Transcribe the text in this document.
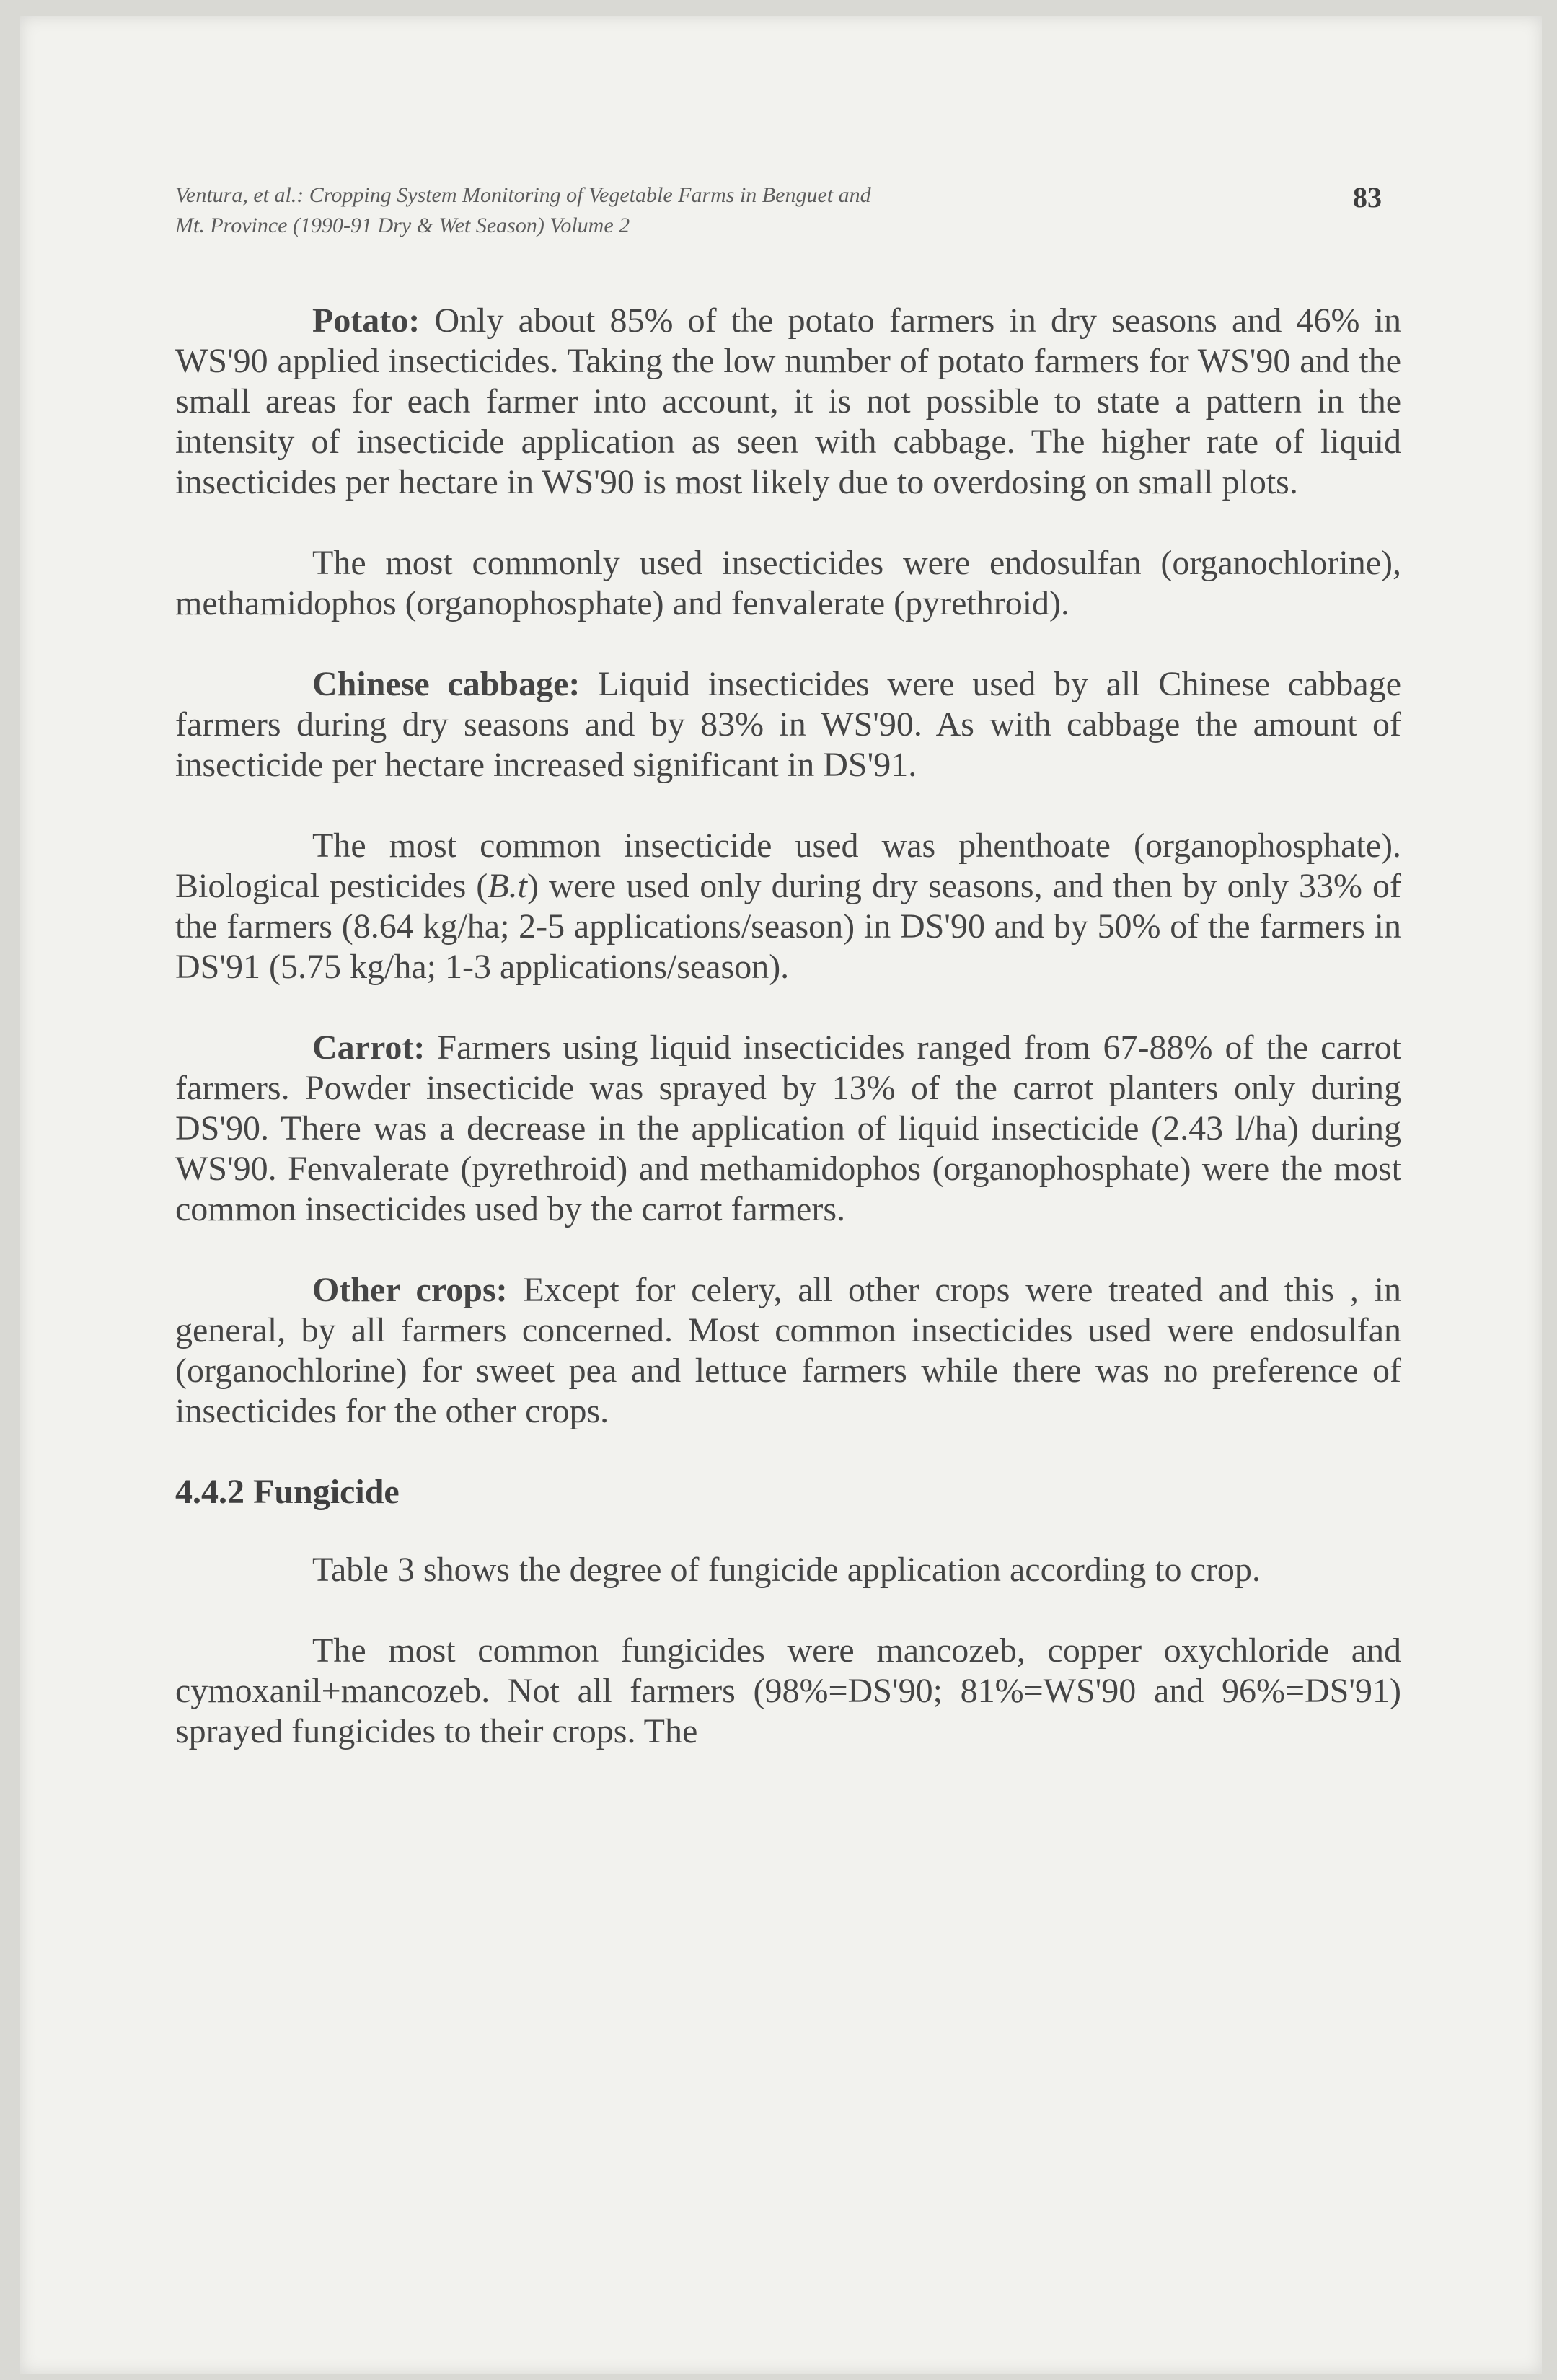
Ventura, et al.: Cropping System Monitoring of Vegetable Farms in Benguet and
Mt. Province (1990-91 Dry & Wet Season) Volume 2
83

Potato: Only about 85% of the potato farmers in dry seasons and 46% in WS'90 applied insecticides. Taking the low number of potato farmers for WS'90 and the small areas for each farmer into account, it is not possible to state a pattern in the intensity of insecticide application as seen with cabbage. The higher rate of liquid insecticides per hectare in WS'90 is most likely due to overdosing on small plots.

The most commonly used insecticides were endosulfan (organochlorine), methamidophos (organophosphate) and fenvalerate (pyrethroid).

Chinese cabbage: Liquid insecticides were used by all Chinese cabbage farmers during dry seasons and by 83% in WS'90. As with cabbage the amount of insecticide per hectare increased significant in DS'91.

The most common insecticide used was phenthoate (organophosphate). Biological pesticides (B.t) were used only during dry seasons, and then by only 33% of the farmers (8.64 kg/ha; 2-5 applications/season) in DS'90 and by 50% of the farmers in DS'91 (5.75 kg/ha; 1-3 applications/season).

Carrot: Farmers using liquid insecticides ranged from 67-88% of the carrot farmers. Powder insecticide was sprayed by 13% of the carrot planters only during DS'90. There was a decrease in the application of liquid insecticide (2.43 l/ha) during WS'90. Fenvalerate (pyrethroid) and methamidophos (organophosphate) were the most common insecticides used by the carrot farmers.

Other crops: Except for celery, all other crops were treated and this , in general, by all farmers concerned. Most common insecticides used were endosulfan (organochlorine) for sweet pea and lettuce farmers while there was no preference of insecticides for the other crops.

4.4.2 Fungicide

Table 3 shows the degree of fungicide application according to crop.

The most common fungicides were mancozeb, copper oxychloride and cymoxanil+mancozeb. Not all farmers (98%=DS'90; 81%=WS'90 and 96%=DS'91) sprayed fungicides to their crops. The
